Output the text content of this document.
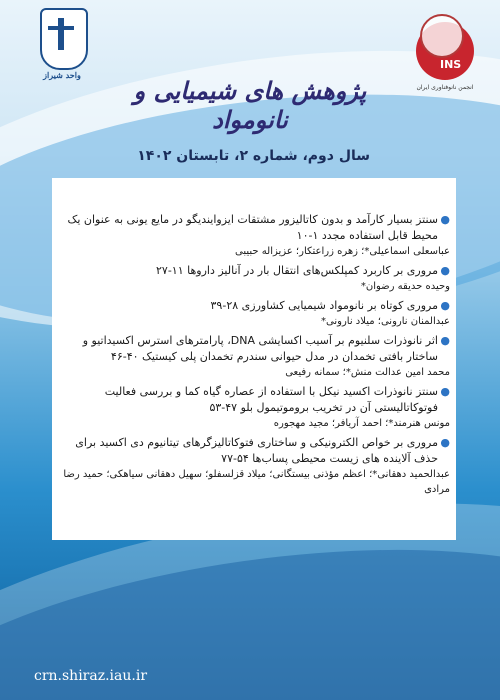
واحد شیراز
INS
انجمن نانوفناوری ایران
پژوهش های شیمیایی و نانومواد
سال دوم، شماره ۲، تابستان ۱۴۰۲
●
سنتز بسیار کارآمد و بدون کاتالیزور مشتقات ایزوایندیگو در مایع یونی به عنوان یک محیط قابل استفاده مجدد ۱-۱۰
عباسعلی اسماعیلی*؛ زهره زراعتکار؛ عزیزاله حبیبی
●
مروری بر کاربرد کمپلکس‌های انتقال بار در آنالیز داروها ۱۱-۲۷
وحیده حدیقه رضوان*
●
مروری کوتاه بر نانومواد شیمیایی کشاورزی ۲۸-۳۹
عبدالمنان نارونی؛ میلاد نارونی*
●
اثر نانوذرات سلنیوم بر آسیب اکسایشی DNA، پارامترهای استرس اکسیداتیو و ساختار بافتی تخمدان در مدل حیوانی سندرم تخمدان پلی کیستیک ۴۰-۴۶
محمد امین عدالت منش*؛ سمانه رفیعی
●
سنتز نانوذرات اکسید نیکل با استفاده از عصاره گیاه کما و بررسی فعالیت فوتوکاتالیستی آن در تخریب بروموتیمول بلو ۴۷-۵۳
مونس هنرمند*؛ احمد آریافر؛ مجید مهجوره
●
مروری بر خواص الکترونیکی و ساختاری فتوکاتالیزگرهای تیتانیوم دی اکسید برای حذف آلاینده های زیست محیطی پساب‌ها ۵۴-۷۷
عبدالحمید دهقانی*؛ اعظم مؤذنی بیستگانی؛ میلاد قزلسفلو؛ سهیل دهقانی سیاهکی؛ حمید رضا مرادی
crn.shiraz.iau.ir
